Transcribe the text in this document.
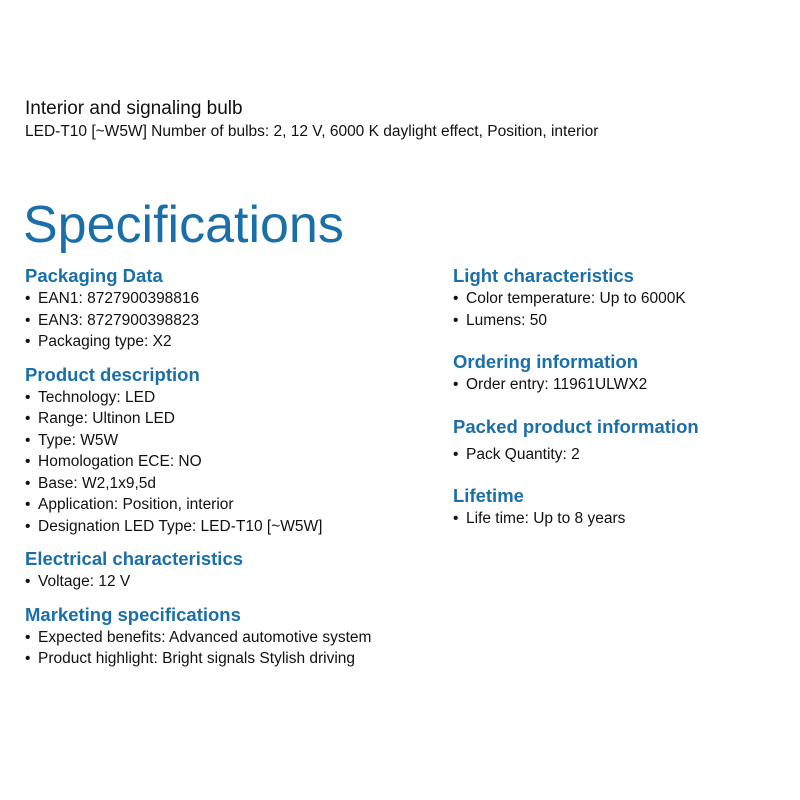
Interior and signaling bulb
LED-T10 [~W5W] Number of bulbs: 2, 12 V, 6000 K daylight effect, Position, interior
Specifications
Packaging Data
• EAN1: 8727900398816
• EAN3: 8727900398823
• Packaging type: X2
Product description
• Technology: LED
• Range: Ultinon LED
• Type: W5W
• Homologation ECE: NO
• Base: W2,1x9,5d
• Application: Position, interior
• Designation LED Type: LED-T10 [~W5W]
Electrical characteristics
• Voltage: 12 V
Marketing specifications
• Expected benefits: Advanced automotive system
• Product highlight: Bright signals Stylish driving
Light characteristics
• Color temperature: Up to 6000K
• Lumens: 50
Ordering information
• Order entry: 11961ULWX2
Packed product information
• Pack Quantity: 2
Lifetime
• Life time: Up to 8 years
